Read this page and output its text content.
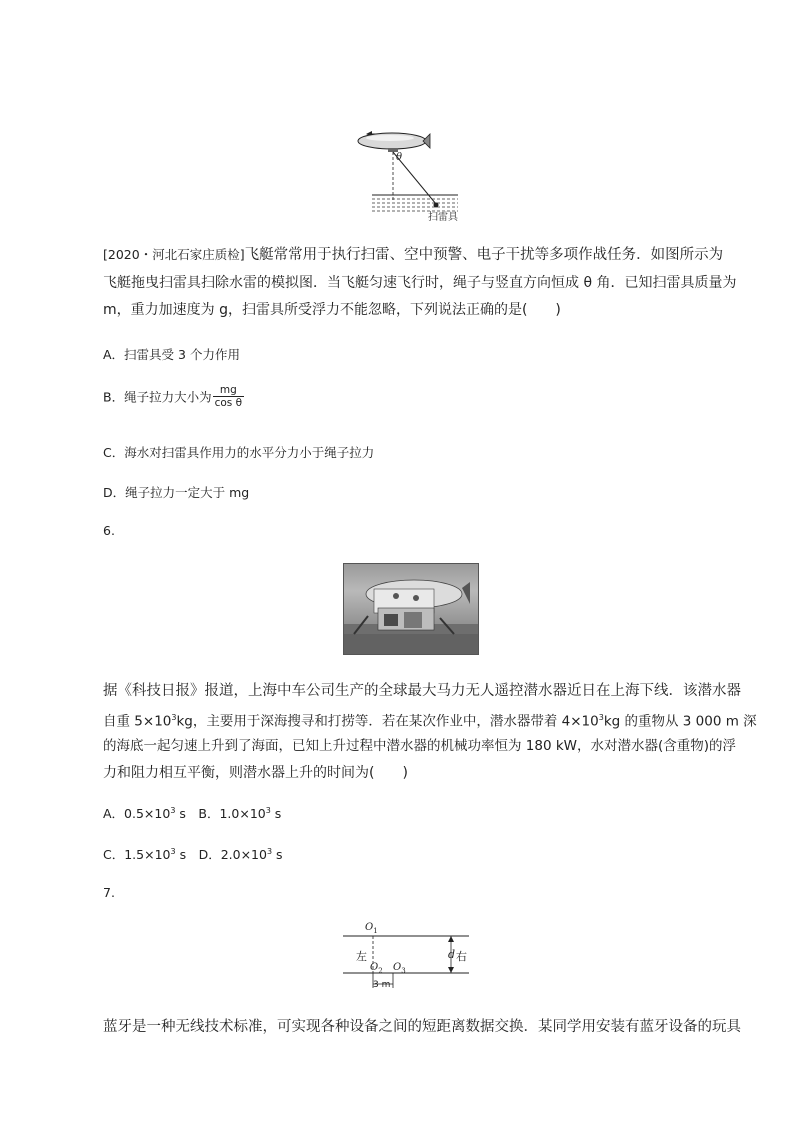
θ
扫雷具
[2020・河北石家庄质检]飞艇常常用于执行扫雷、空中预警、电子干扰等多项作战任务．如图所示为
飞艇拖曳扫雷具扫除水雷的模拟图．当飞艇匀速飞行时，绳子与竖直方向恒成 θ 角．已知扫雷具质量为
m，重力加速度为 g，扫雷具所受浮力不能忽略，下列说法正确的是(　　)
A．扫雷具受 3 个力作用
B．绳子拉力大小为 $\frac{mg}{\text{cos θ}}$
C．海水对扫雷具作用力的水平分力小于绳子拉力
D．绳子拉力一定大于 mg
6.
据《科技日报》报道，上海中车公司生产的全球最大马力无人遥控潜水器近日在上海下线．该潜水器
自重 $5\times 10^3kg$，主要用于深海搜寻和打捞等．若在某次作业中，潜水器带着 $4\times 10^3kg$ 的重物从 3 000 m 深
的海底一起匀速上升到了海面，已知上升过程中潜水器的机械功率恒为 180 kW，水对潜水器(含重物)的浮
力和阻力相互平衡，则潜水器上升的时间为(　　)
A．$0.5\times 10^3$ s　B．$1.0\times 10^3$ s
C．$1.5\times 10^3$ s　D．$2.0\times 10^3$ s
7.
$O_1$
左	d 右
$O_2$ $O_3$
3 m
蓝牙是一种无线技术标准，可实现各种设备之间的短距离数据交换．某同学用安装有蓝牙设备的玩具
